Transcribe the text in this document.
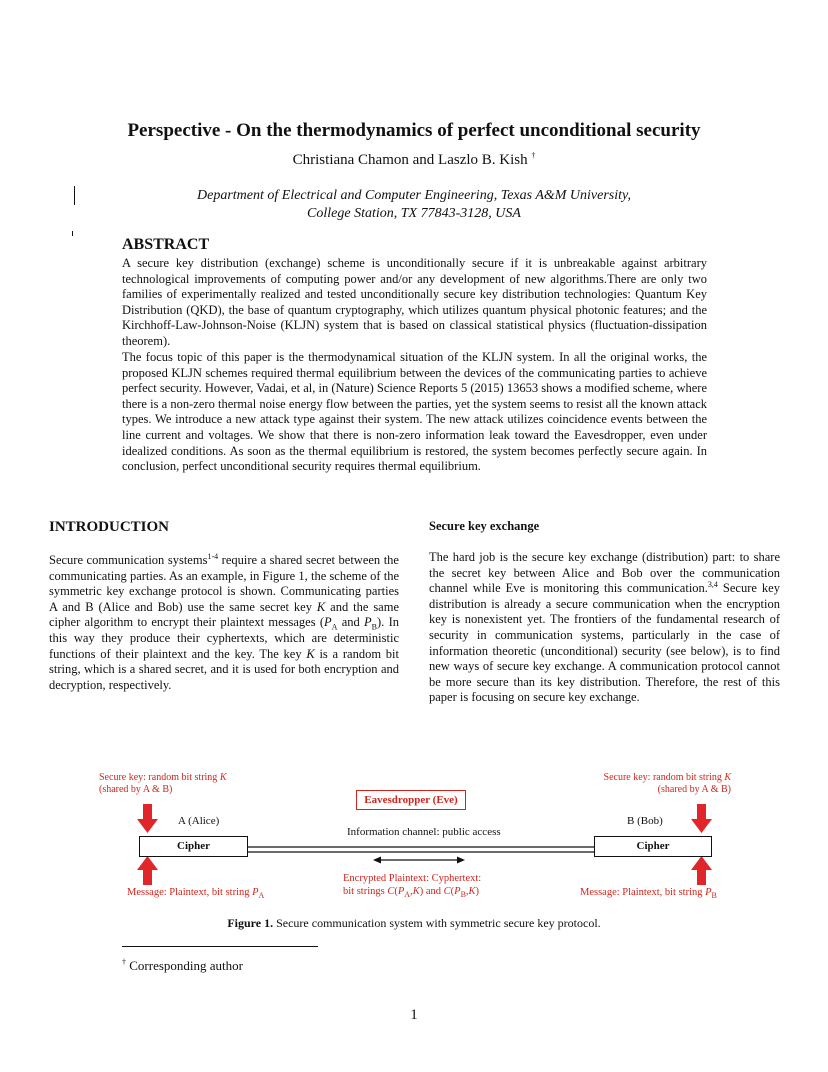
Perspective - On the thermodynamics of perfect unconditional security
Christiana Chamon and Laszlo B. Kish †
Department of Electrical and Computer Engineering, Texas A&M University,
College Station, TX 77843-3128, USA
ABSTRACT
A secure key distribution (exchange) scheme is unconditionally secure if it is unbreakable against arbitrary technological improvements of computing power and/or any development of new algorithms.There are only two families of experimentally realized and tested unconditionally secure key distribution technologies: Quantum Key Distribution (QKD), the base of quantum cryptography, which utilizes quantum physical photonic features; and the Kirchhoff-Law-Johnson-Noise (KLJN) system that is based on classical statistical physics (fluctuation-dissipation theorem).
The focus topic of this paper is the thermodynamical situation of the KLJN system. In all the original works, the proposed KLJN schemes required thermal equilibrium between the devices of the communicating parties to achieve perfect security. However, Vadai, et al, in (Nature) Science Reports 5 (2015) 13653 shows a modified scheme, where there is a non-zero thermal noise energy flow between the parties, yet the system seems to resist all the known attack types. We introduce a new attack type against their system. The new attack utilizes coincidence events between the line current and voltages. We show that there is non-zero information leak toward the Eavesdropper, even under idealized conditions. As soon as the thermal equilibrium is restored, the system becomes perfectly secure again. In conclusion, perfect unconditional security requires thermal equilibrium.
INTRODUCTION
Secure communication systems$^{1-4}$ require a shared secret between the communicating parties. As an example, in Figure 1, the scheme of the symmetric key exchange protocol is shown. Communicating parties A and B (Alice and Bob) use the same secret key K and the same cipher algorithm to encrypt their plaintext messages ($P_A$ and $P_B$). In this way they produce their cyphertexts, which are deterministic functions of their plaintext and the key. The key K is a random bit string, which is a shared secret, and it is used for both encryption and decryption, respectively.
Secure key exchange
The hard job is the secure key exchange (distribution) part: to share the secret key between Alice and Bob over the communication channel while Eve is monitoring this communication.$^{3,4}$ Secure key distribution is already a secure communication when the encryption key is nonexistent yet. The frontiers of the fundamental research of security in communication systems, particularly in the case of information theoretic (unconditional) security (see below), is to find new ways of secure key exchange. A communication protocol cannot be more secure than its key distribution. Therefore, the rest of this paper is focusing on secure key exchange.
Secure key: random bit string K
(shared by A & B)
Secure key: random bit string K
(shared by A & B)
Eavesdropper (Eve)
A (Alice)	B (Bob)
Information channel: public access
Cipher	Cipher
Encrypted Plaintext: Cyphertext:
bit strings $C(P_A,K)$ and $C(P_B,K)$
Message: Plaintext, bit string $P_A$	Message: Plaintext, bit string $P_B$
Figure 1. Secure communication system with symmetric secure key protocol.
† Corresponding author
1
